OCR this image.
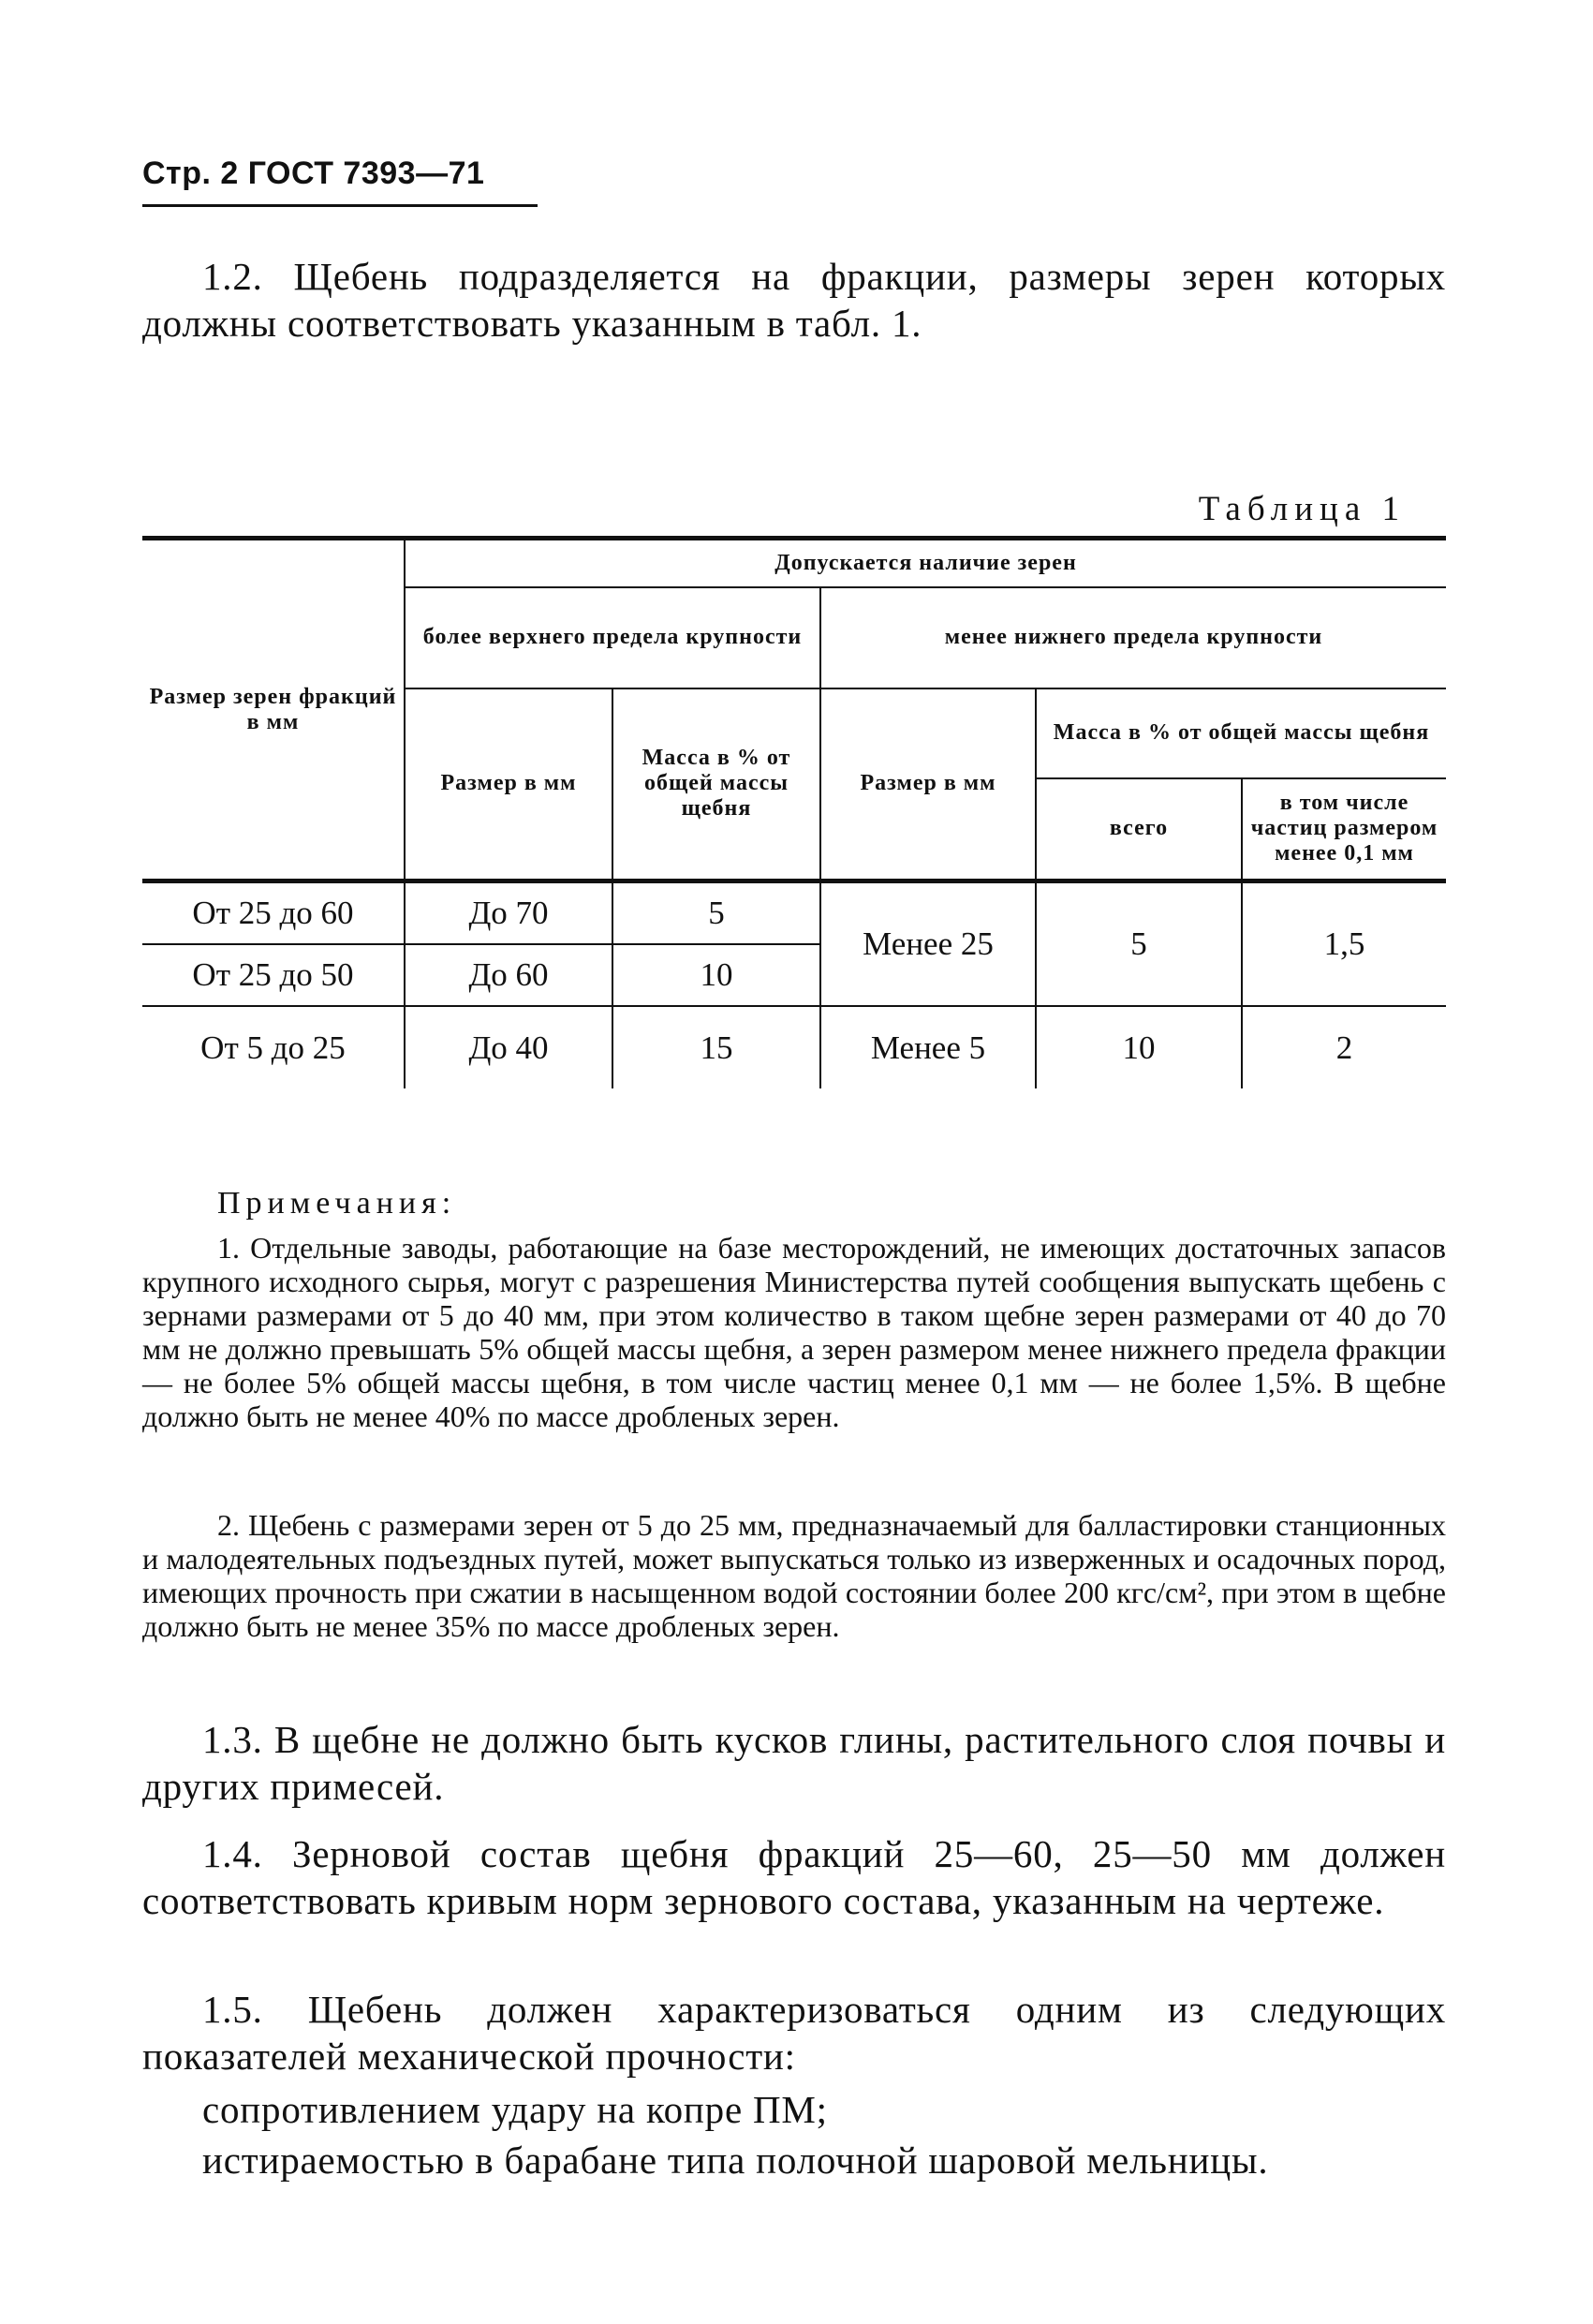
Стр. 2 ГОСТ 7393—71
1.2. Щебень подразделяется на фракции, размеры зерен которых должны соответствовать указанным в табл. 1.
Таблица 1
Размер зерен фракций в мм	Допускается наличие зерен				
	более верхнего предела крупности		менее нижнего предела крупности		
	Размер в мм	Масса в % от общей массы щебня	Размер в мм	Масса в % от общей массы щебня	
				всего	в том числе частиц размером менее 0,1 мм
От 25 до 60	До 70	5	Менее 25	5	1,5
От 25 до 50	До 60	10			
От 5 до 25	До 40	15	Менее 5	10	2
Примечания:
1. Отдельные заводы, работающие на базе месторождений, не имеющих достаточных запасов крупного исходного сырья, могут с разрешения Министерства путей сообщения выпускать щебень с зернами размерами от 5 до 40 мм, при этом количество в таком щебне зерен размерами от 40 до 70 мм не должно превышать 5% общей массы щебня, а зерен размером менее нижнего предела фракции — не более 5% общей массы щебня, в том числе частиц менее 0,1 мм — не более 1,5%. В щебне должно быть не менее 40% по массе дробленых зерен.
2. Щебень с размерами зерен от 5 до 25 мм, предназначаемый для балластировки станционных и малодеятельных подъездных путей, может выпускаться только из изверженных и осадочных пород, имеющих прочность при сжатии в насыщенном водой состоянии более 200 кгс/см², при этом в щебне должно быть не менее 35% по массе дробленых зерен.
1.3. В щебне не должно быть кусков глины, растительного слоя почвы и других примесей.
1.4. Зерновой состав щебня фракций 25—60, 25—50 мм должен соответствовать кривым норм зернового состава, указанным на чертеже.
1.5. Щебень должен характеризоваться одним из следующих показателей механической прочности:
сопротивлением удару на копре ПМ;
истираемостью в барабане типа полочной шаровой мельницы.
